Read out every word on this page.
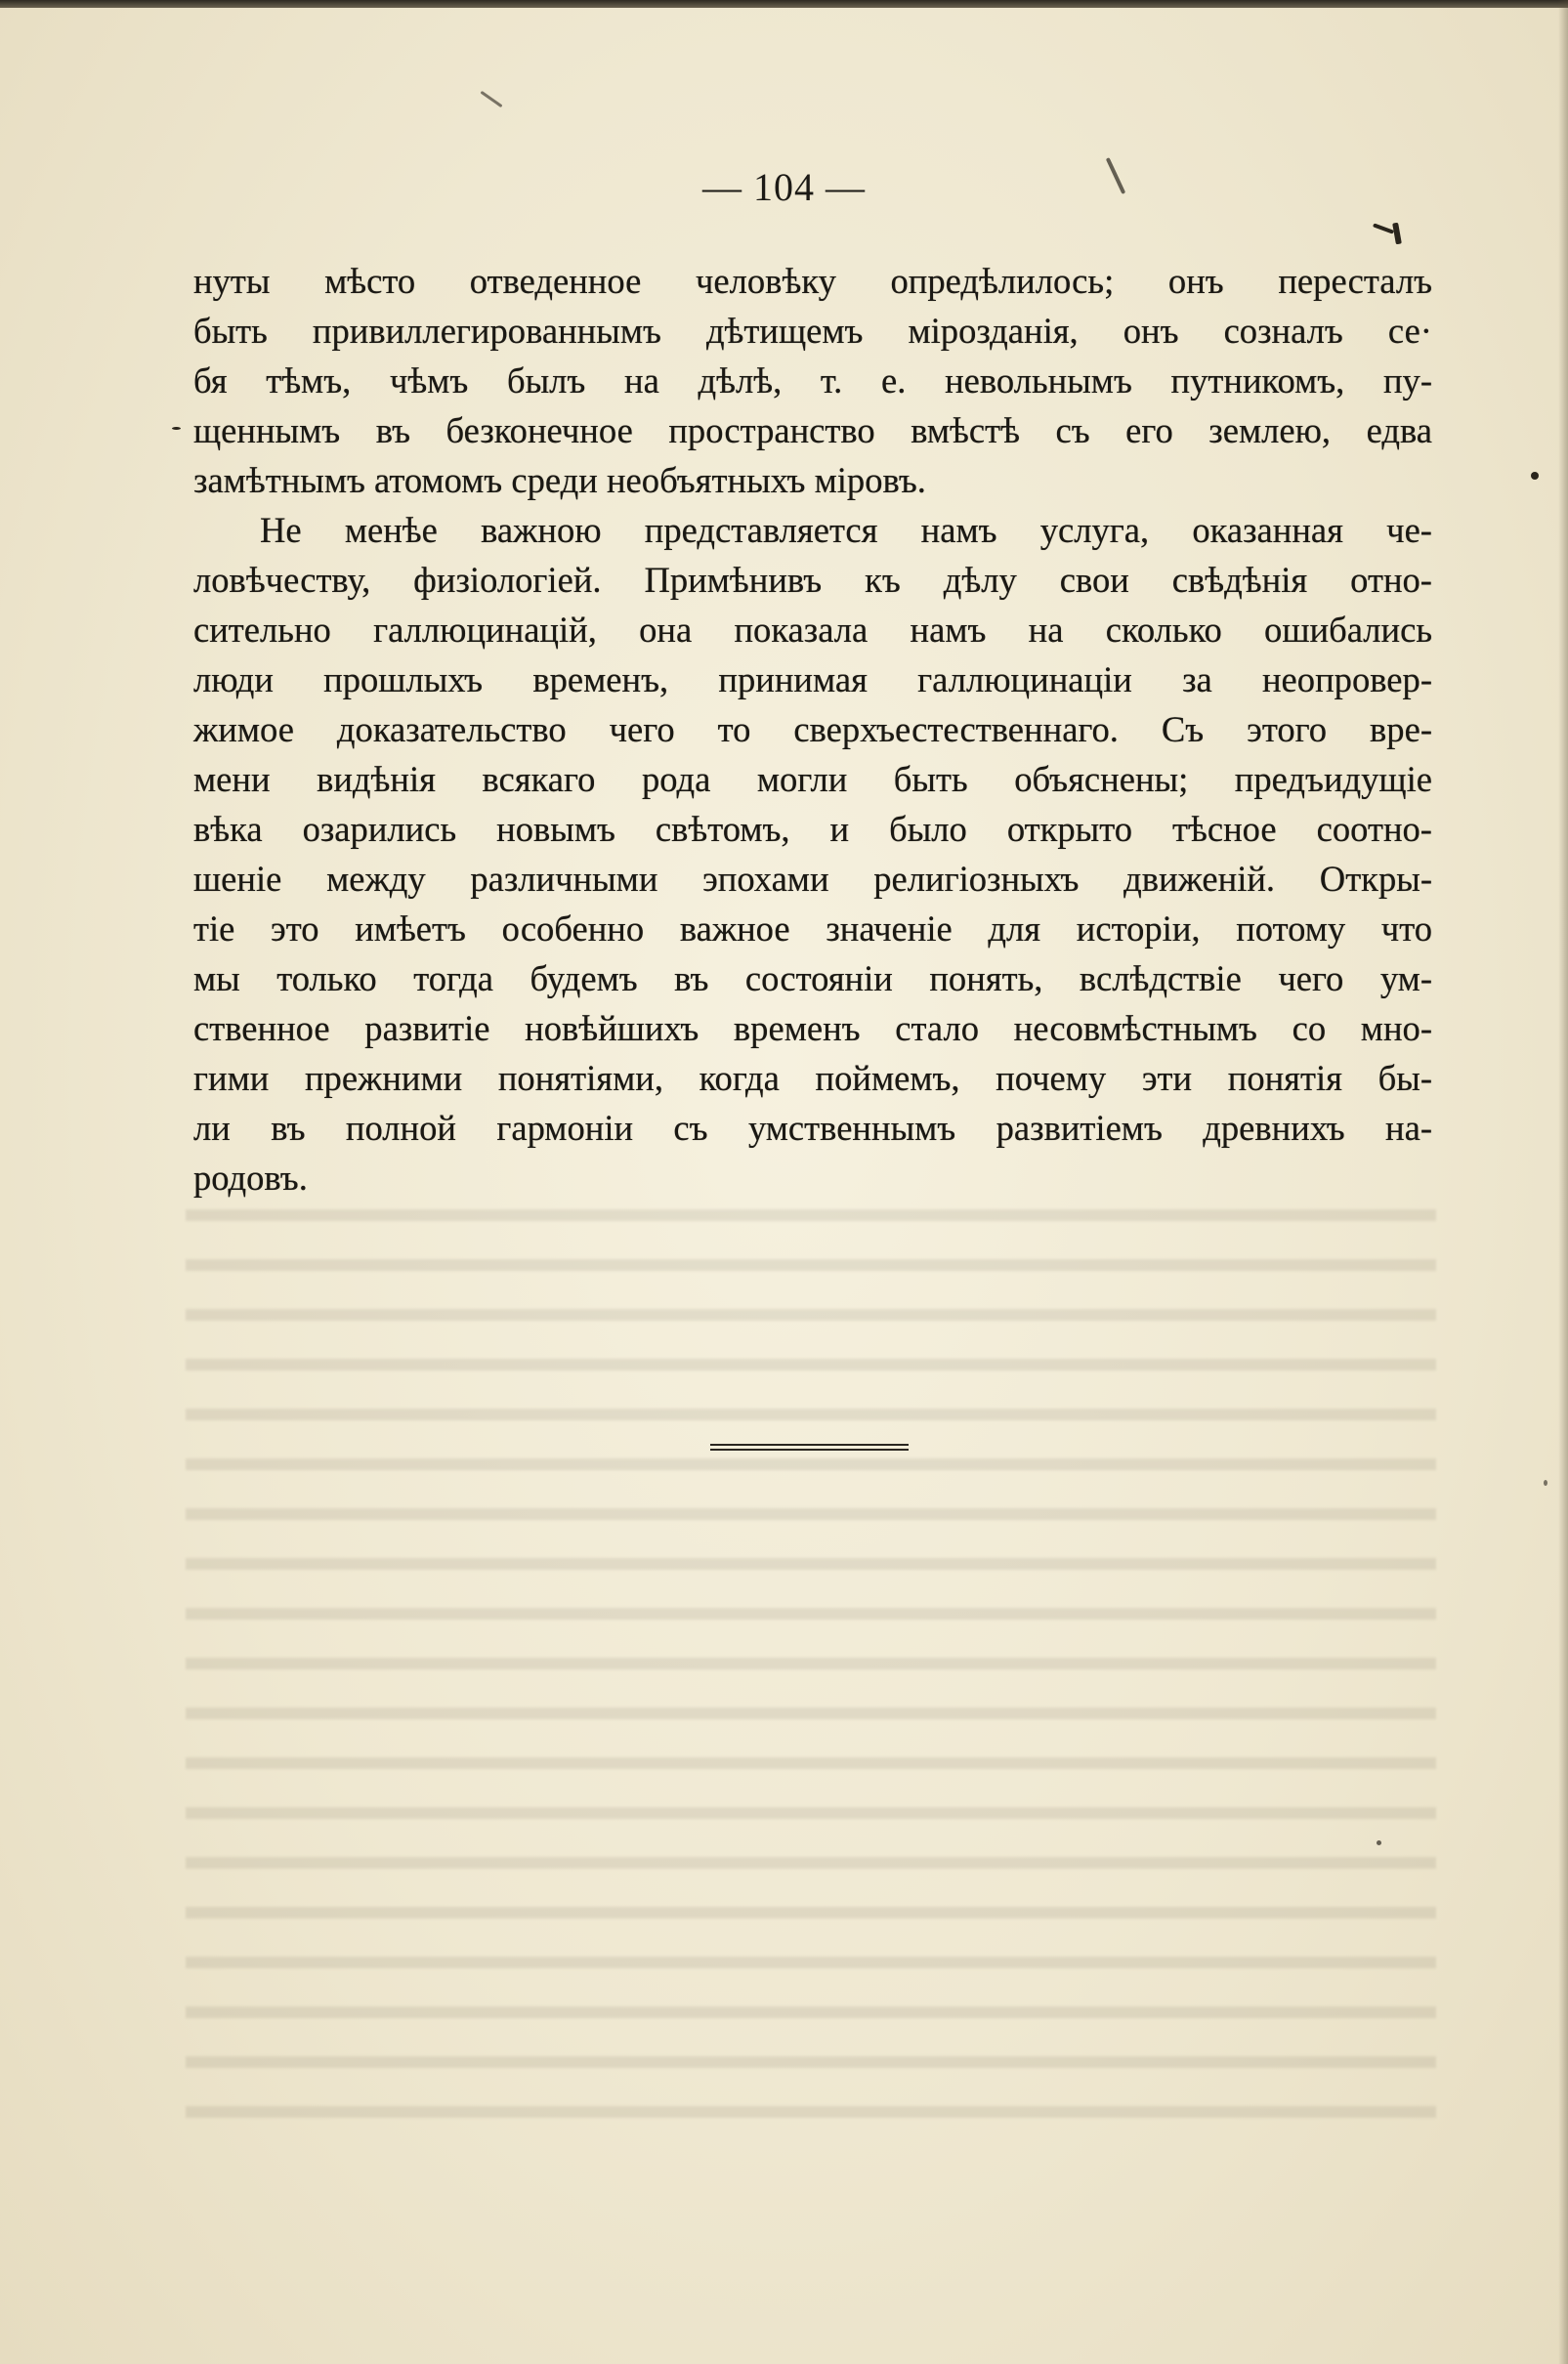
— 104 —
нуты мѣсто отведенное человѣку опредѣлилось; онъ пересталъ
быть привиллегированнымъ дѣтищемъ мірозданія, онъ созналъ се·
бя тѣмъ, чѣмъ былъ на дѣлѣ, т. е. невольнымъ путникомъ, пу-
щеннымъ въ безконечное пространство вмѣстѣ съ его землею, едва
замѣтнымъ атомомъ среди необъятныхъ міровъ.
Не менѣе важною представляется намъ услуга, оказанная че-
ловѣчеству, физіологіей. Примѣнивъ къ дѣлу свои свѣдѣнія отно-
сительно галлюцинацій, она показала намъ на сколько ошибались
люди прошлыхъ временъ, принимая галлюцинаціи за неопровер-
жимое доказательство чего то сверхъестественнаго. Съ этого вре-
мени видѣнія всякаго рода могли быть объяснены; предъидущіе
вѣка озарились новымъ свѣтомъ, и было открыто тѣсное соотно-
шеніе между различными эпохами религіозныхъ движеній. Откры-
тіе это имѣетъ особенно важное значеніе для исторіи, потому что
мы только тогда будемъ въ состояніи понять, вслѣдствіе чего ум-
ственное развитіе новѣйшихъ временъ стало несовмѣстнымъ со мно-
гими прежними понятіями, когда поймемъ, почему эти понятія бы-
ли въ полной гармоніи съ умственнымъ развитіемъ древнихъ на-
родовъ.
